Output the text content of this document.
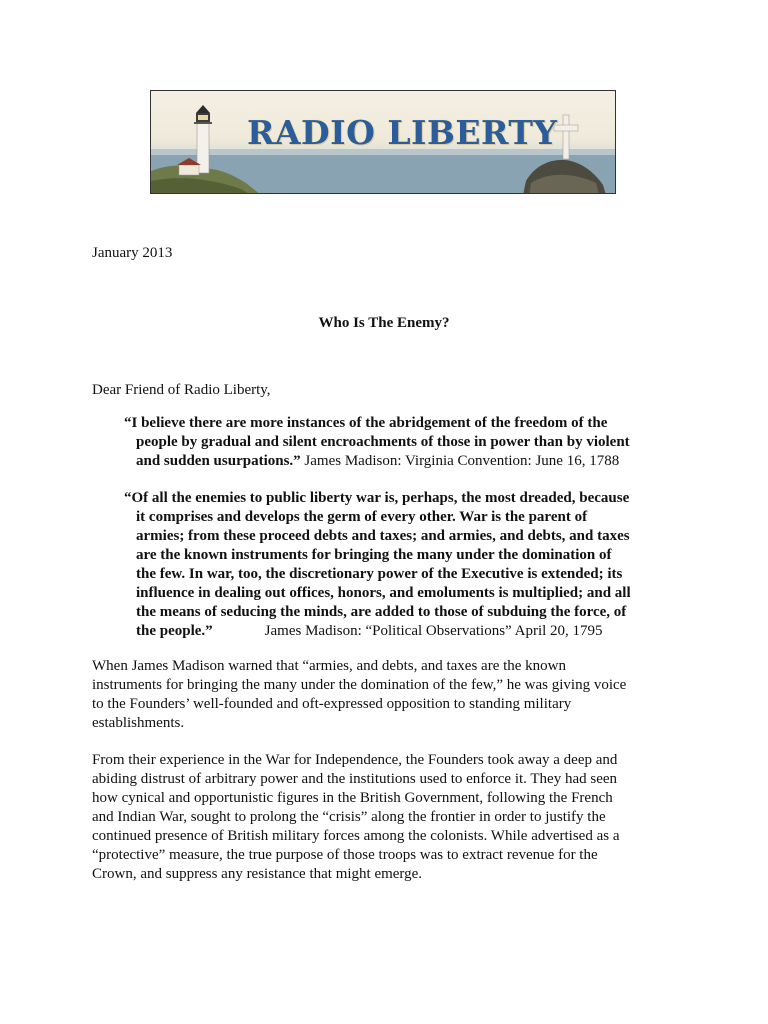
RADIO LIBERTY
January 2013
Who Is The Enemy?
Dear Friend of Radio Liberty,
“I believe there are more instances of the abridgement of the freedom of the
people by gradual and silent encroachments of those in power than by violent
and sudden usurpations.” James Madison: Virginia Convention: June 16, 1788
“Of all the enemies to public liberty war is, perhaps, the most dreaded, because
it comprises and develops the germ of every other. War is the parent of
armies; from these proceed debts and taxes; and armies, and debts, and taxes
are the known instruments for bringing the many under the domination of
the few. In war, too, the discretionary power of the Executive is extended; its
influence in dealing out offices, honors, and emoluments is multiplied; and all
the means of seducing the minds, are added to those of subduing the force, of
the people.”	James Madison: “Political Observations” April 20, 1795
When James Madison warned that “armies, and debts, and taxes are the known
instruments for bringing the many under the domination of the few,” he was giving voice
to the Founders’ well-founded and oft-expressed opposition to standing military
establishments.
From their experience in the War for Independence, the Founders took away a deep and
abiding distrust of arbitrary power and the institutions used to enforce it. They had seen
how cynical and opportunistic figures in the British Government, following the French
and Indian War, sought to prolong the “crisis” along the frontier in order to justify the
continued presence of British military forces among the colonists. While advertised as a
“protective” measure, the true purpose of those troops was to extract revenue for the
Crown, and suppress any resistance that might emerge.
